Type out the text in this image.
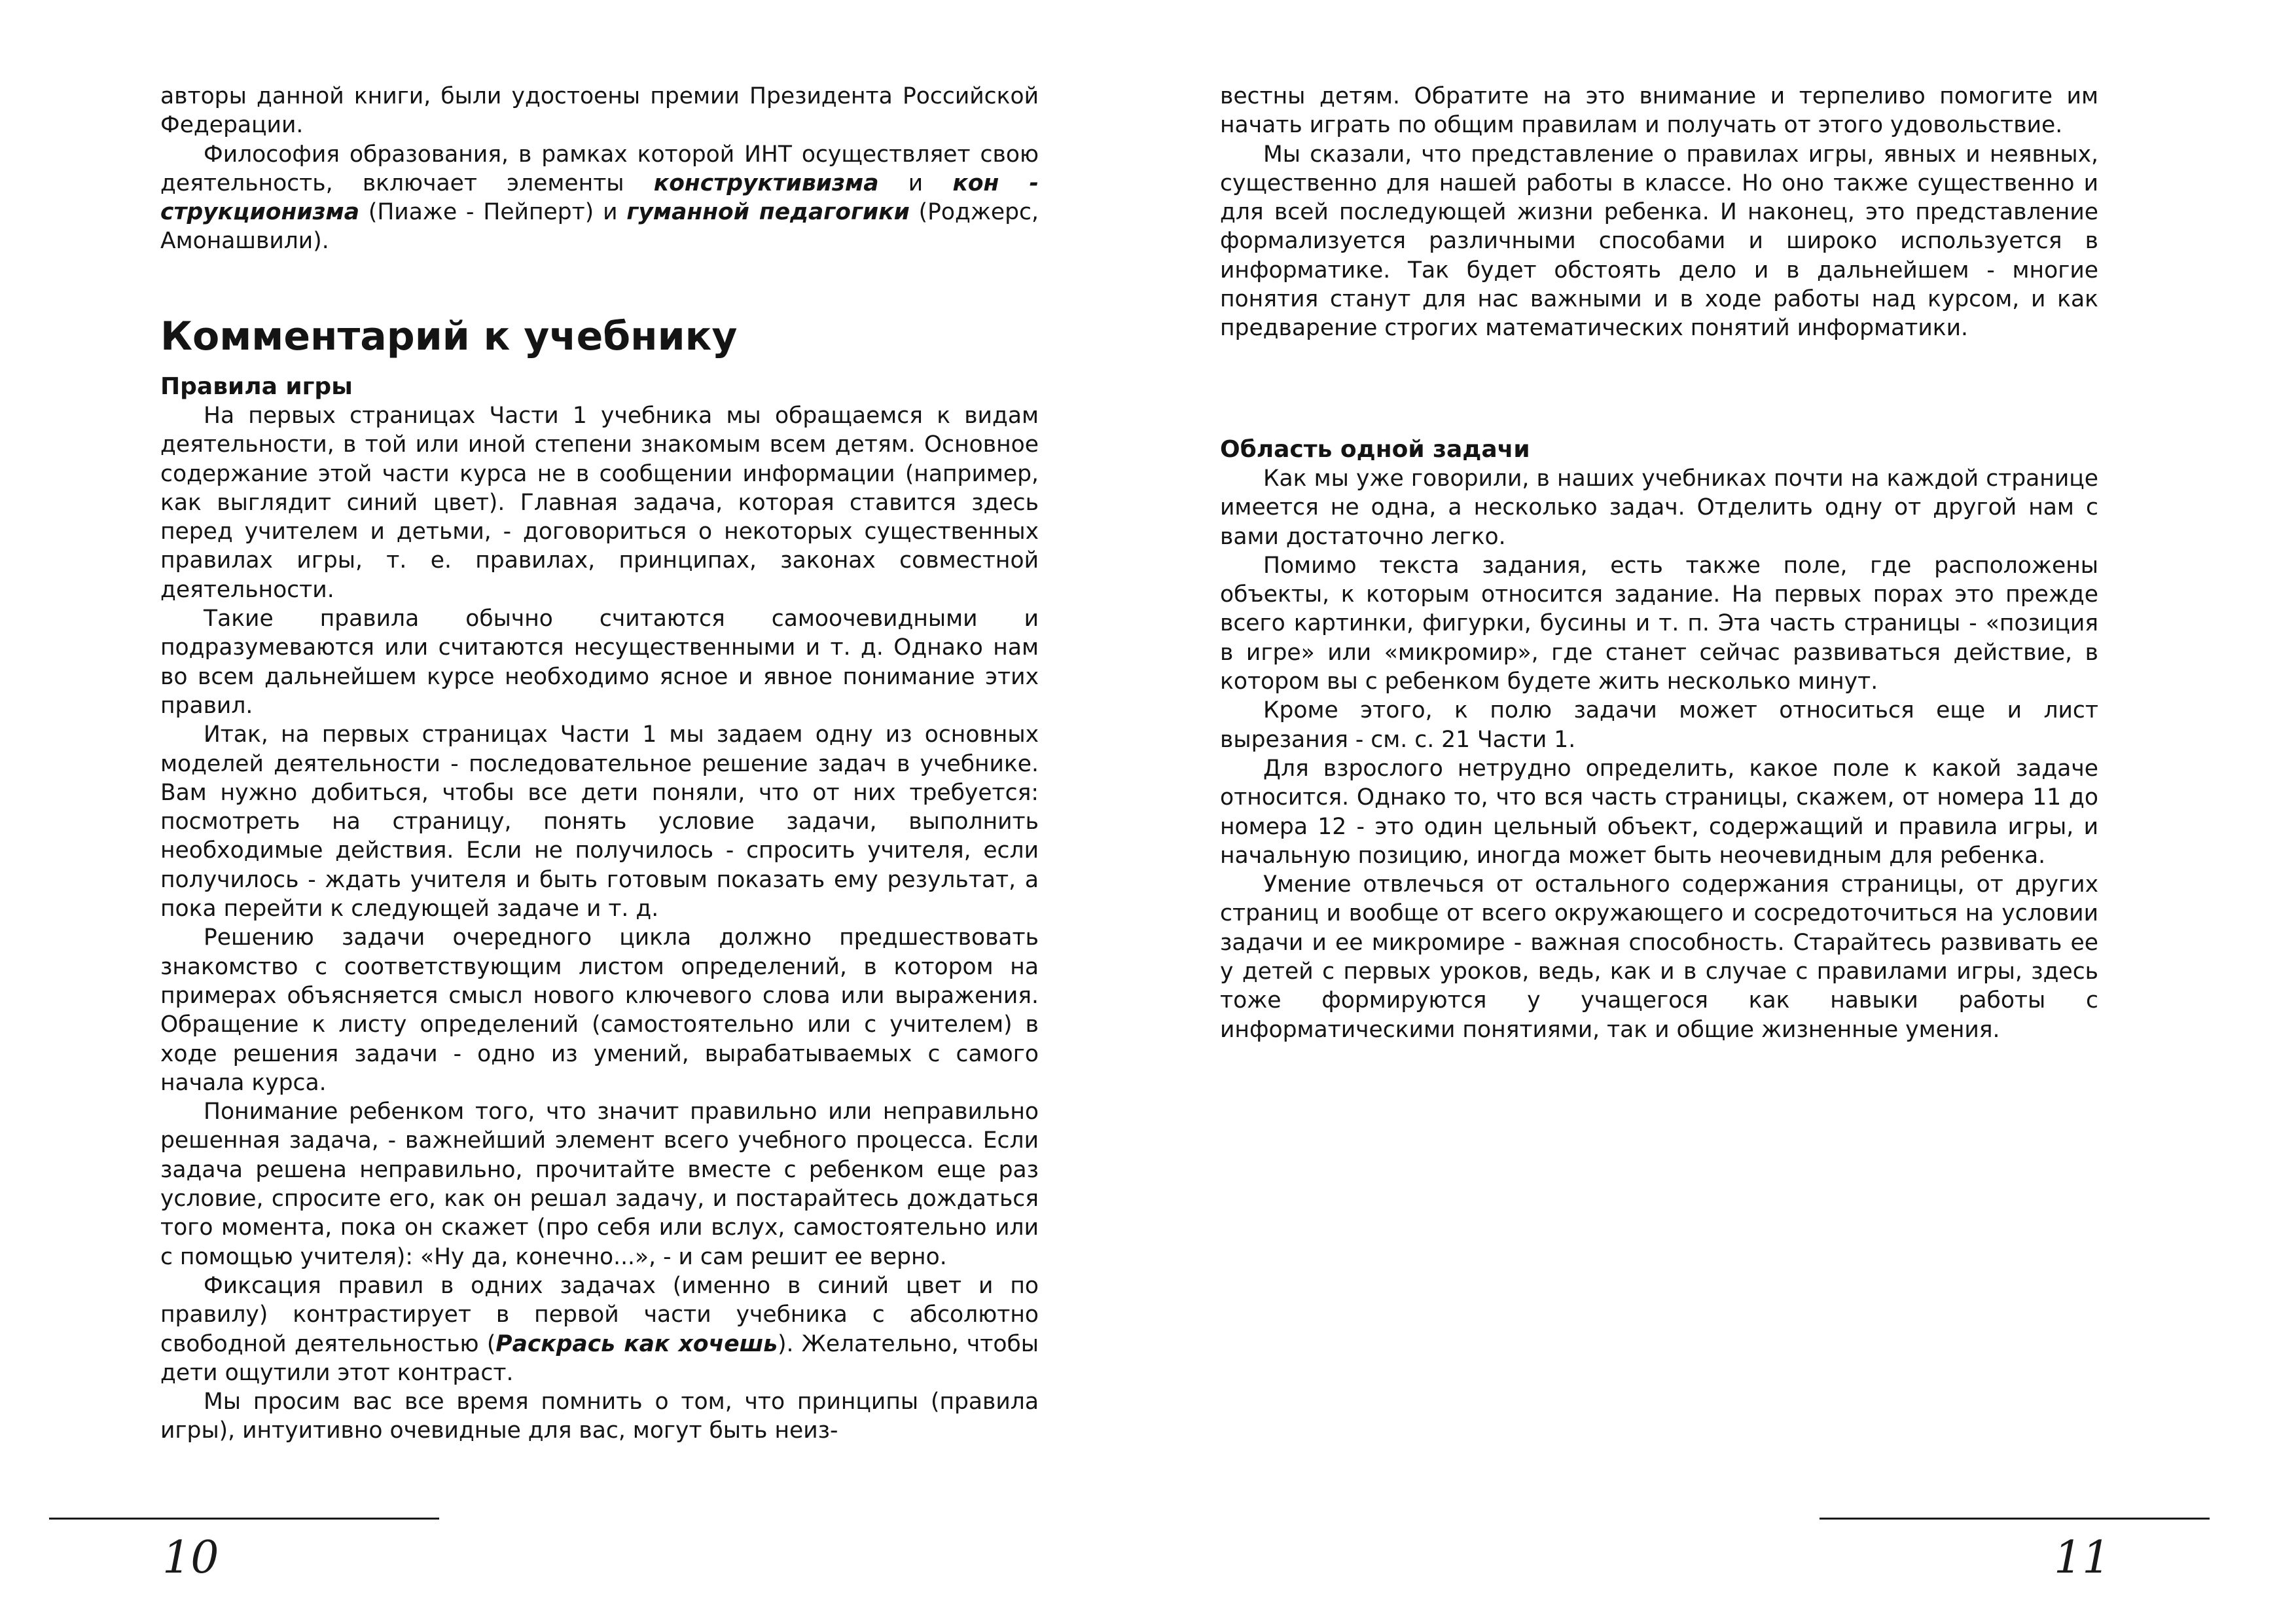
авторы данной книги, были удостоены премии Президента Российской Федерации.

Философия образования, в рамках которой ИНТ осуществляет свою деятельность, включает элементы конструктивизма и кон - струкционизма (Пиаже - Пейперт) и гуманной педагогики (Роджерс, Амонашвили).

Комментарий к учебнику
Правила игры

На первых страницах Части 1 учебника мы обращаемся к видам деятельности, в той или иной степени знакомым всем детям. Основное содержание этой части курса не в сообщении информации (например, как выглядит синий цвет). Главная задача, которая ставится здесь перед учителем и детьми, - договориться о некоторых существенных правилах игры, т. е. правилах, принципах, законах совместной деятельности.

Такие правила обычно считаются самоочевидными и подразумеваются или считаются несущественными и т. д. Однако нам во всем дальнейшем курсе необходимо ясное и явное понимание этих правил.

Итак, на первых страницах Части 1 мы задаем одну из основных моделей деятельности - последовательное решение задач в учебнике. Вам нужно добиться, чтобы все дети поняли, что от них требуется: посмотреть на страницу, понять условие задачи, выполнить необходимые действия. Если не получилось - спросить учителя, если получилось - ждать учителя и быть готовым показать ему результат, а пока перейти к следующей задаче и т. д.

Решению задачи очередного цикла должно предшествовать знакомство с соответствующим листом определений, в котором на примерах объясняется смысл нового ключевого слова или выражения. Обращение к листу определений (самостоятельно или с учителем) в ходе решения задачи - одно из умений, вырабатываемых с самого начала курса.

Понимание ребенком того, что значит правильно или неправильно решенная задача, - важнейший элемент всего учебного процесса. Если задача решена неправильно, прочитайте вместе с ребенком еще раз условие, спросите его, как он решал задачу, и постарайтесь дождаться того момента, пока он скажет (про себя или вслух, самостоятельно или с помощью учителя): «Ну да, конечно...», - и сам решит ее верно.

Фиксация правил в одних задачах (именно в синий цвет и по правилу) контрастирует в первой части учебника с абсолютно свободной деятельностью (Раскрась как хочешь). Желательно, чтобы дети ощутили этот контраст.

Мы просим вас все время помнить о том, что принципы (правила игры), интуитивно очевидные для вас, могут быть неиз-

вестны детям. Обратите на это внимание и терпеливо помогите им начать играть по общим правилам и получать от этого удовольствие.

Мы сказали, что представление о правилах игры, явных и неявных, существенно для нашей работы в классе. Но оно также существенно и для всей последующей жизни ребенка. И наконец, это представление формализуется различными способами и широко используется в информатике. Так будет обстоять дело и в дальнейшем - многие понятия станут для нас важными и в ходе работы над курсом, и как предварение строгих математических понятий информатики.

Область одной задачи

Как мы уже говорили, в наших учебниках почти на каждой странице имеется не одна, а несколько задач. Отделить одну от другой нам с вами достаточно легко.

Помимо текста задания, есть также поле, где расположены объекты, к которым относится задание. На первых порах это прежде всего картинки, фигурки, бусины и т. п. Эта часть страницы - «позиция в игре» или «микромир», где станет сейчас развиваться действие, в котором вы с ребенком будете жить несколько минут.

Кроме этого, к полю задачи может относиться еще и лист вырезания - см. с. 21 Части 1.

Для взрослого нетрудно определить, какое поле к какой задаче относится. Однако то, что вся часть страницы, скажем, от номера 11 до номера 12 - это один цельный объект, содержащий и правила игры, и начальную позицию, иногда может быть неочевидным для ребенка.

Умение отвлечься от остального содержания страницы, от других страниц и вообще от всего окружающего и сосредоточиться на условии задачи и ее микромире - важная способность. Старайтесь развивать ее у детей с первых уроков, ведь, как и в случае с правилами игры, здесь тоже формируются у учащегося как навыки работы с информатическими понятиями, так и общие жизненные умения.

10	11
